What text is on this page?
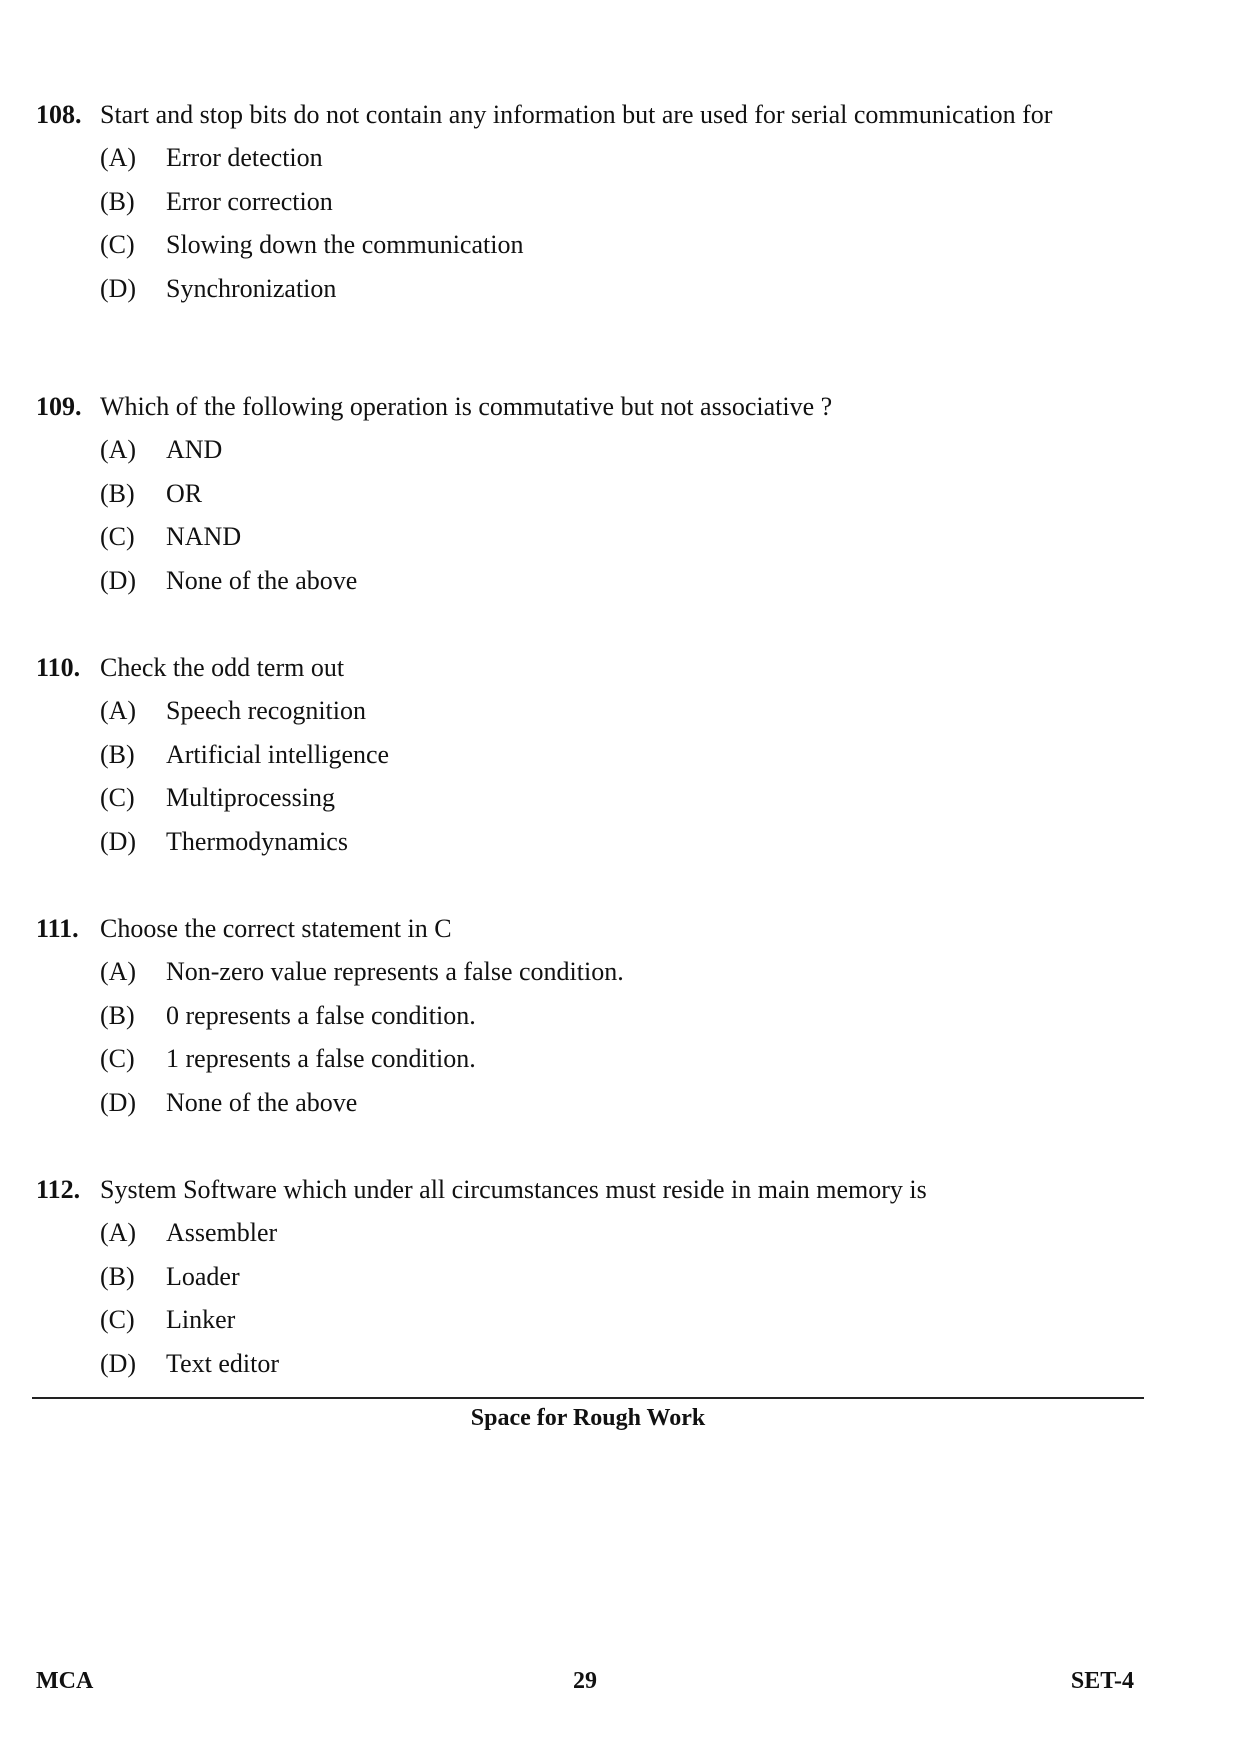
108. Start and stop bits do not contain any information but are used for serial communication for
(A)	Error detection
(B)	Error correction
(C)	Slowing down the communication
(D)	Synchronization
109. Which of the following operation is commutative but not associative ?
(A)	AND
(B)	OR
(C)	NAND
(D)	None of the above
110. Check the odd term out
(A)	Speech recognition
(B)	Artificial intelligence
(C)	Multiprocessing
(D)	Thermodynamics
111. Choose the correct statement in C
(A)	Non-zero value represents a false condition.
(B)	0 represents a false condition.
(C)	1 represents a false condition.
(D)	None of the above
112. System Software which under all circumstances must reside in main memory is
(A)	Assembler
(B)	Loader
(C)	Linker
(D)	Text editor
Space for Rough Work
MCA	29	SET-4
